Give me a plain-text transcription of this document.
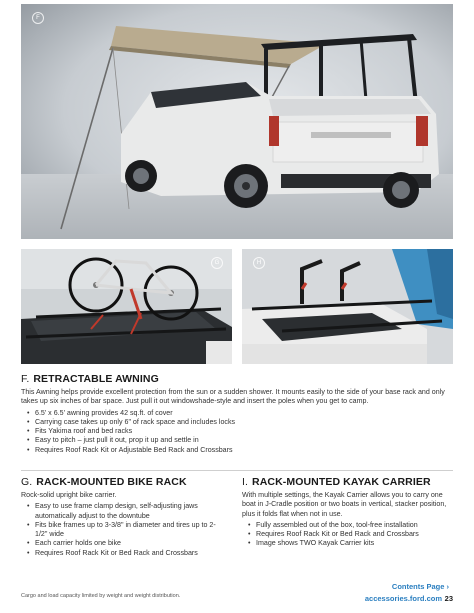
F
G	H
F. RETRACTABLE AWNING
This Awning helps provide excellent protection from the sun or a sudden shower. It mounts easily to the side of your base rack and only takes up six inches of bar space. Just pull it out windowshade-style and insert the poles when you get to camp.
• 6.5' x 6.5' awning provides 42 sq.ft. of cover
• Carrying case takes up only 6" of rack space and includes locks
• Fits Yakima roof and bed racks
• Easy to pitch – just pull it out, prop it up and settle in
• Requires Roof Rack Kit or Adjustable Bed Rack and Crossbars
G. RACK-MOUNTED BIKE RACK
Rock-solid upright bike carrier.
• Easy to use frame clamp design, self-adjusting jaws automatically adjust to the downtube
• Fits bike frames up to 3-3/8" in diameter and tires up to 2-1/2" wide
• Each carrier holds one bike
• Requires Roof Rack Kit or Bed Rack and Crossbars
I. RACK-MOUNTED KAYAK CARRIER
With multiple settings, the Kayak Carrier allows you to carry one boat in J-Cradle position or two boats in vertical, stacker position, plus it folds flat when not in use.
• Fully assembled out of the box, tool-free installation
• Requires Roof Rack Kit or Bed Rack and Crossbars
• Image shows TWO Kayak Carrier kits
Cargo and load capacity limited by weight and weight distribution.
Contents Page ›
accessories.ford.com 23
